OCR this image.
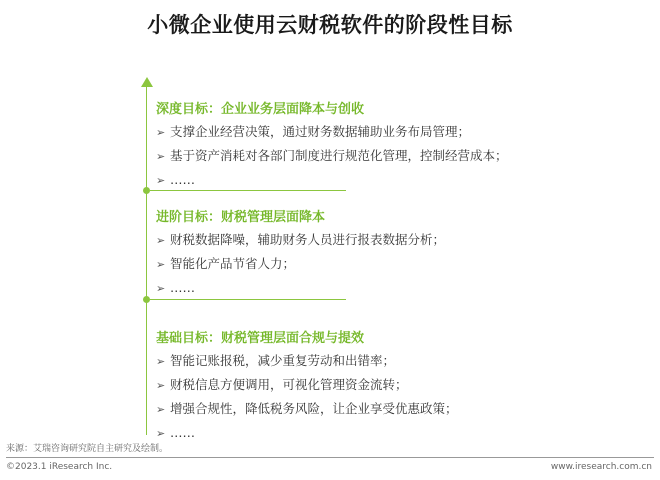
小微企业使用云财税软件的阶段性目标
深度目标：企业业务层面降本与创收
➢ 支撑企业经营决策，通过财务数据辅助业务布局管理；
➢ 基于资产消耗对各部门制度进行规范化管理，控制经营成本；
➢ ……
进阶目标：财税管理层面降本
➢ 财税数据降噪，辅助财务人员进行报表数据分析；
➢ 智能化产品节省人力；
➢ ……
基础目标：财税管理层面合规与提效
➢ 智能记账报税，减少重复劳动和出错率；
➢ 财税信息方便调用，可视化管理资金流转；
➢ 增强合规性，降低税务风险，让企业享受优惠政策；
➢ ……
来源：艾瑞咨询研究院自主研究及绘制。
©2023.1 iResearch Inc.	www.iresearch.com.cn
